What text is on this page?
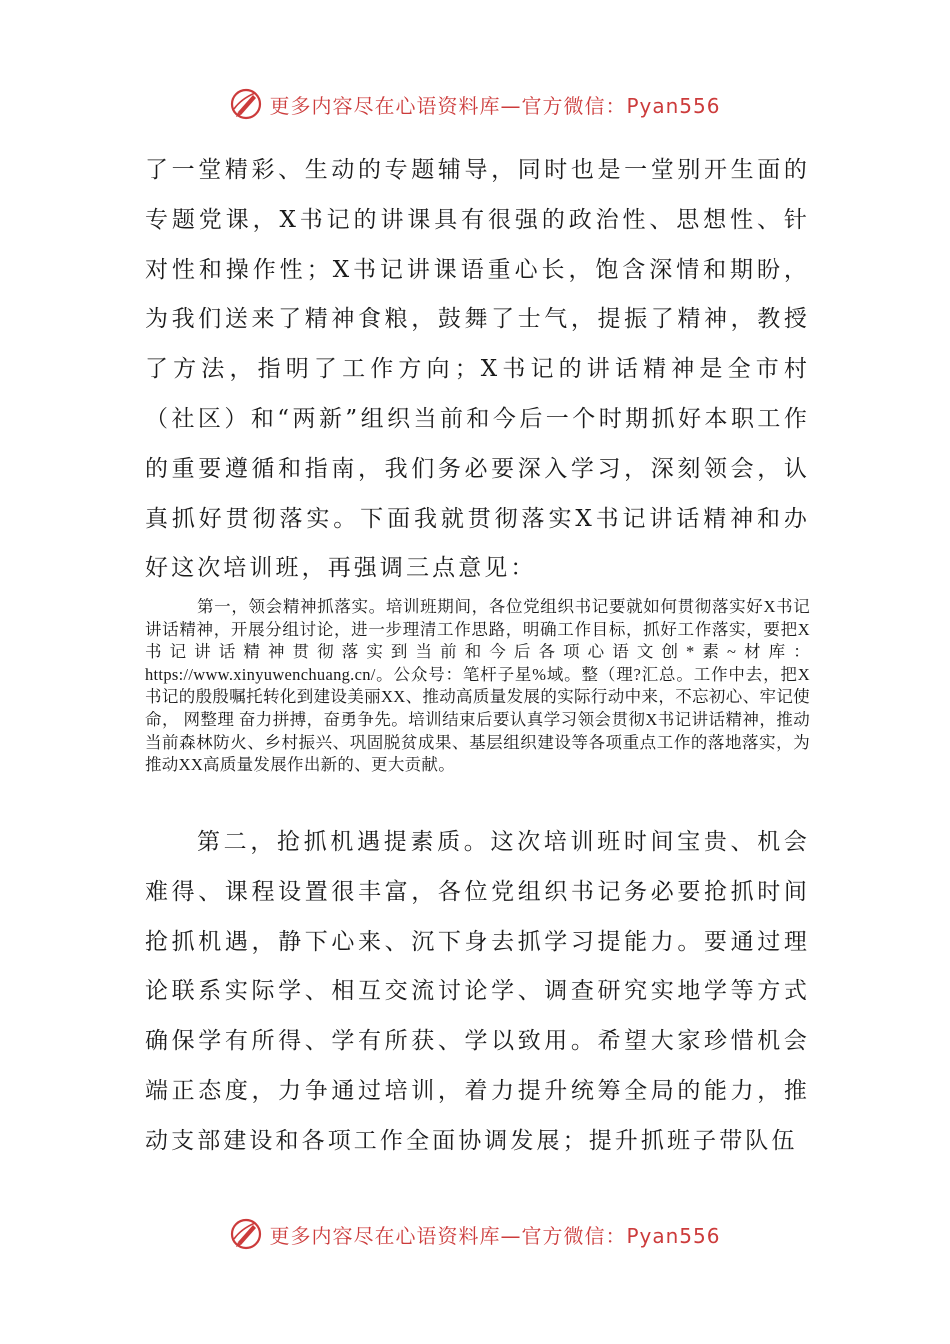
更多内容尽在心语资料库—官方微信：Pyan556

了一堂精彩、生动的专题辅导，同时也是一堂别开生面的专题党课，X书记的讲课具有很强的政治性、思想性、针对性和操作性；X书记讲课语重心长，饱含深情和期盼，为我们送来了精神食粮，鼓舞了士气，提振了精神，教授了方法，指明了工作方向；X书记的讲话精神是全市村（社区）和“两新”组织当前和今后一个时期抓好本职工作的重要遵循和指南，我们务必要深入学习，深刻领会，认真抓好贯彻落实。下面我就贯彻落实X书记讲话精神和办好这次培训班，再强调三点意见：

第一，领会精神抓落实。培训班期间，各位党组织书记要就如何贯彻落实好X书记讲话精神，开展分组讨论，进一步理清工作思路，明确工作目标，抓好工作落实，要把X书记讲话精神贯彻落实到当前和今后各项心语文创*素~材库：https://www.xinyuwenchuang.cn/。公众号：笔杆子星%域。整（理?汇总。工作中去，把X书记的殷殷嘱托转化到建设美丽XX、推动高质量发展的实际行动中来，不忘初心、牢记使命， 网整理 奋力拼搏，奋勇争先。培训结束后要认真学习领会贯彻X书记讲话精神，推动当前森林防火、乡村振兴、巩固脱贫成果、基层组织建设等各项重点工作的落地落实，为推动XX高质量发展作出新的、更大贡献。

第二，抢抓机遇提素质。这次培训班时间宝贵、机会难得、课程设置很丰富，各位党组织书记务必要抢抓时间抢抓机遇，静下心来、沉下身去抓学习提能力。要通过理论联系实际学、相互交流讨论学、调查研究实地学等方式确保学有所得、学有所获、学以致用。希望大家珍惜机会端正态度，力争通过培训，着力提升统筹全局的能力，推动支部建设和各项工作全面协调发展；提升抓班子带队伍

更多内容尽在心语资料库—官方微信：Pyan556
